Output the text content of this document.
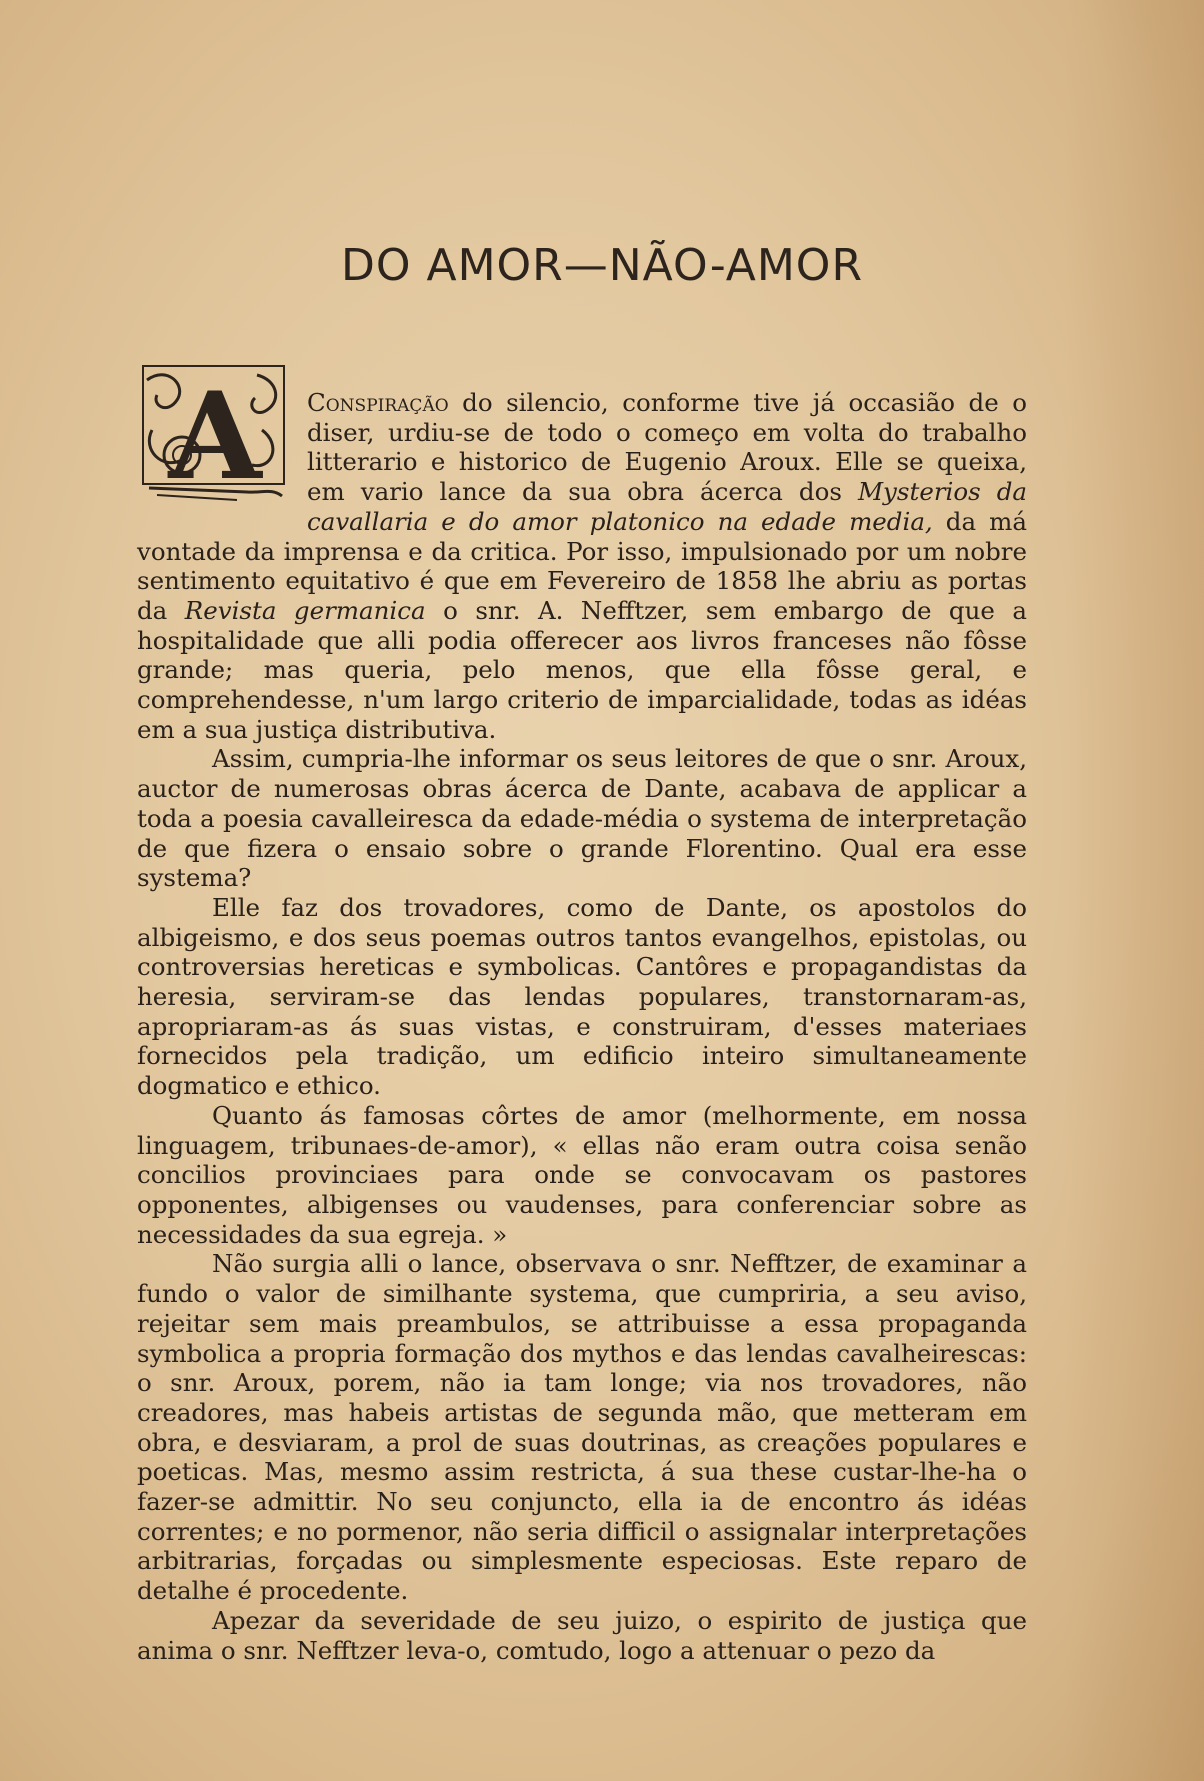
DO AMOR—NÃO-AMOR
A	Conspiração do silencio, conforme tive já occasião de o diser, urdiu-se de todo o começo em volta do trabalho litterario e historico de Eugenio Aroux. Elle se queixa, em vario lance da sua obra ácerca dos Mysterios da cavallaria e do amor platonico na edade media, da má vontade da imprensa e da critica. Por isso, impulsionado por um nobre sentimento equitativo é que em Fevereiro de 1858 lhe abriu as portas da Revista germanica o snr. A. Nefftzer, sem embargo de que a hospitalidade que alli podia offerecer aos livros franceses não fôsse grande; mas queria, pelo menos, que ella fôsse geral, e comprehendesse, n'um largo criterio de imparcialidade, todas as idéas em a sua justiça distributiva.

Assim, cumpria-lhe informar os seus leitores de que o snr. Aroux, auctor de numerosas obras ácerca de Dante, acabava de applicar a toda a poesia cavalleiresca da edade-média o systema de interpretação de que fizera o ensaio sobre o grande Florentino. Qual era esse systema?

Elle faz dos trovadores, como de Dante, os apostolos do albigeismo, e dos seus poemas outros tantos evangelhos, epistolas, ou controversias hereticas e symbolicas. Cantôres e propagandistas da heresia, serviram-se das lendas populares, transtornaram-as, apropriaram-as ás suas vistas, e construiram, d'esses materiaes fornecidos pela tradição, um edificio inteiro simultaneamente dogmatico e ethico.

Quanto ás famosas côrtes de amor (melhormente, em nossa linguagem, tribunaes-de-amor), « ellas não eram outra coisa senão concilios provinciaes para onde se convocavam os pastores opponentes, albigenses ou vaudenses, para conferenciar sobre as necessidades da sua egreja. »

Não surgia alli o lance, observava o snr. Nefftzer, de examinar a fundo o valor de similhante systema, que cumpriria, a seu aviso, rejeitar sem mais preambulos, se attribuisse a essa propaganda symbolica a propria formação dos mythos e das lendas cavalheirescas: o snr. Aroux, porem, não ia tam longe; via nos trovadores, não creadores, mas habeis artistas de segunda mão, que metteram em obra, e desviaram, a prol de suas doutrinas, as creações populares e poeticas. Mas, mesmo assim restricta, á sua these custar-lhe-ha o fazer-se admittir. No seu conjuncto, ella ia de encontro ás idéas correntes; e no pormenor, não seria difficil o assignalar interpretações arbitrarias, forçadas ou simplesmente especiosas. Este reparo de detalhe é procedente.

Apezar da severidade de seu juizo, o espirito de justiça que anima o snr. Nefftzer leva-o, comtudo, logo a attenuar o pezo da
